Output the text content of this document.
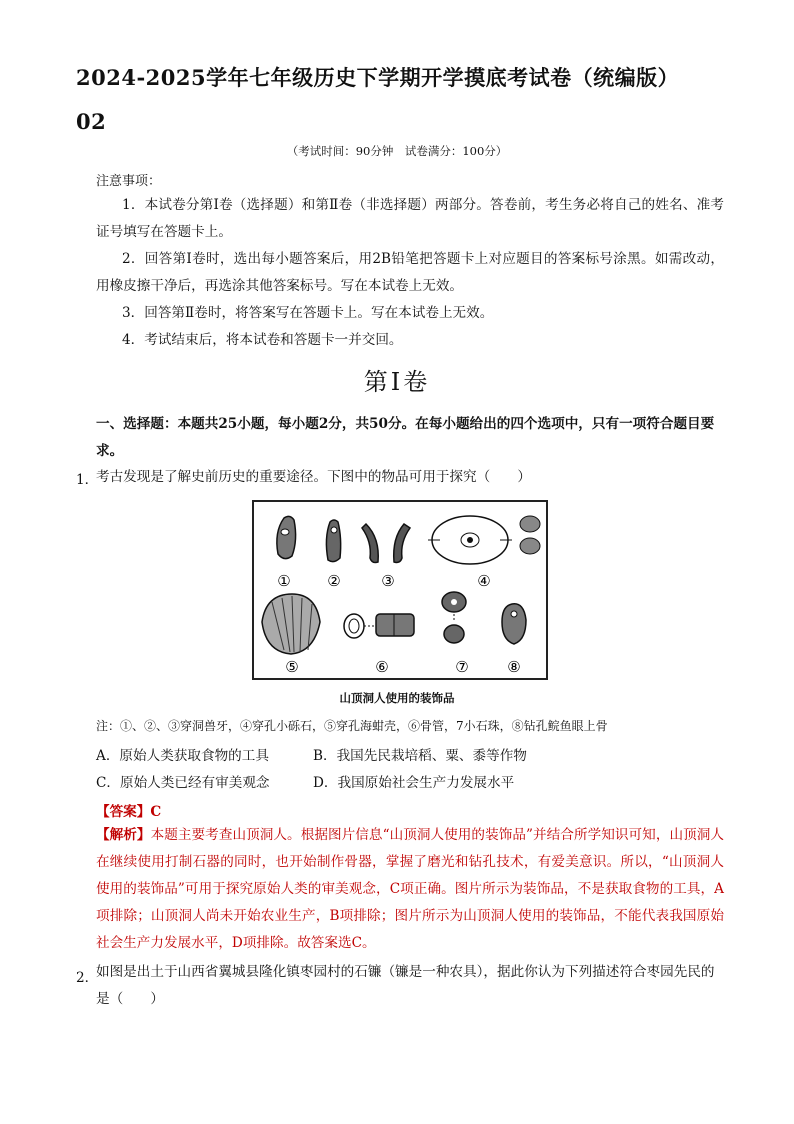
2024-2025学年七年级历史下学期开学摸底考试卷（统编版）
02
（考试时间：90分钟　试卷满分：100分）
注意事项：
1．本试卷分第Ⅰ卷（选择题）和第Ⅱ卷（非选择题）两部分。答卷前，考生务必将自己的姓名、准考证号填写在答题卡上。
2．回答第Ⅰ卷时，选出每小题答案后，用2B铅笔把答题卡上对应题目的答案标号涂黑。如需改动，用橡皮擦干净后，再选涂其他答案标号。写在本试卷上无效。
3．回答第Ⅱ卷时，将答案写在答题卡上。写在本试卷上无效。
4．考试结束后，将本试卷和答题卡一并交回。
第Ⅰ卷
一、选择题：本题共25小题，每小题2分，共50分。在每小题给出的四个选项中，只有一项符合题目要求。
1．
考古发现是了解史前历史的重要途径。下图中的物品可用于探究（　　）
① ②	③	④
⑤	⑥	⑦	⑧
山顶洞人使用的装饰品
注：①、②、③穿洞兽牙，④穿孔小砾石，⑤穿孔海蚶壳，⑥骨管，7小石珠，⑧钻孔鲩鱼眼上骨
A．原始人类获取食物的工具	B．我国先民栽培稻、粟、黍等作物
C．原始人类已经有审美观念	D．我国原始社会生产力发展水平
【答案】C
【解析】本题主要考查山顶洞人。根据图片信息“山顶洞人使用的装饰品”并结合所学知识可知，山顶洞人在继续使用打制石器的同时，也开始制作骨器，掌握了磨光和钻孔技术，有爱美意识。所以，“山顶洞人使用的装饰品”可用于探究原始人类的审美观念，C项正确。图片所示为装饰品，不是获取食物的工具，A项排除；山顶洞人尚未开始农业生产，B项排除；图片所示为山顶洞人使用的装饰品，不能代表我国原始社会生产力发展水平，D项排除。故答案选C。
2．
如图是出土于山西省翼城县隆化镇枣园村的石镰（镰是一种农具），据此你认为下列描述符合枣园先民的是（　　）
